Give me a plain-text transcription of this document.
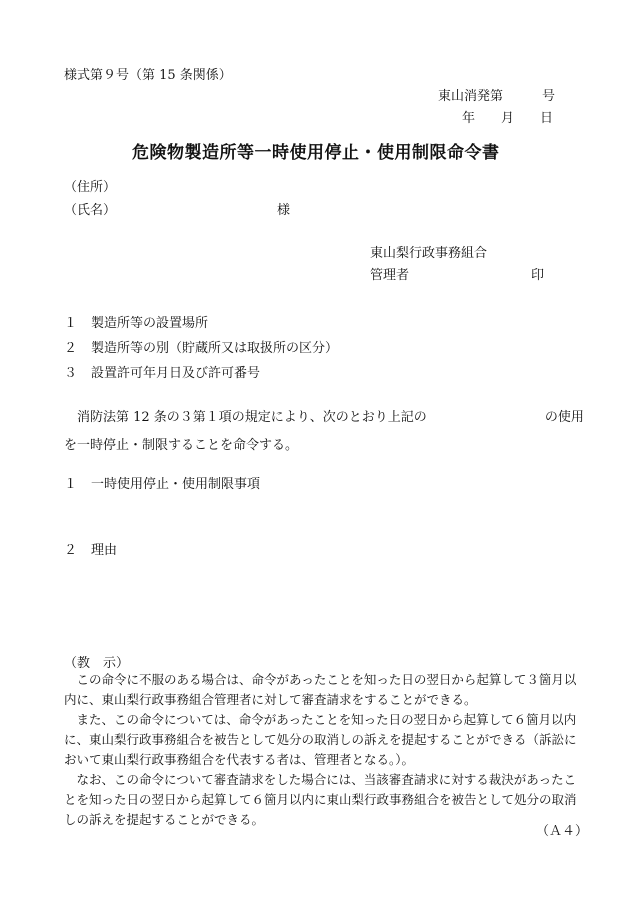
様式第９号（第 15 条関係）
東山消発第　　　号
年　　月　　日
危険物製造所等一時使用停止・使用制限命令書
（住所）
（氏名）	様
東山梨行政事務組合
管理者	印
１ 製造所等の設置場所
２ 製造所等の別（貯蔵所又は取扱所の区分）
３ 設置許可年月日及び許可番号
消防法第 12 条の３第１項の規定により、次のとおり上記の	の使用を一時停止・制限することを命令する。
１ 一時使用停止・使用制限事項
２ 理由
（教　示）

この命令に不服のある場合は、命令があったことを知った日の翌日から起算して３箇月以内に、東山梨行政事務組合管理者に対して審査請求をすることができる。

また、この命令については、命令があったことを知った日の翌日から起算して６箇月以内に、東山梨行政事務組合を被告として処分の取消しの訴えを提起することができる（訴訟において東山梨行政事務組合を代表する者は、管理者となる。）。

なお、この命令について審査請求をした場合には、当該審査請求に対する裁決があったことを知った日の翌日から起算して６箇月以内に東山梨行政事務組合を被告として処分の取消しの訴えを提起することができる。

（Ａ４）
